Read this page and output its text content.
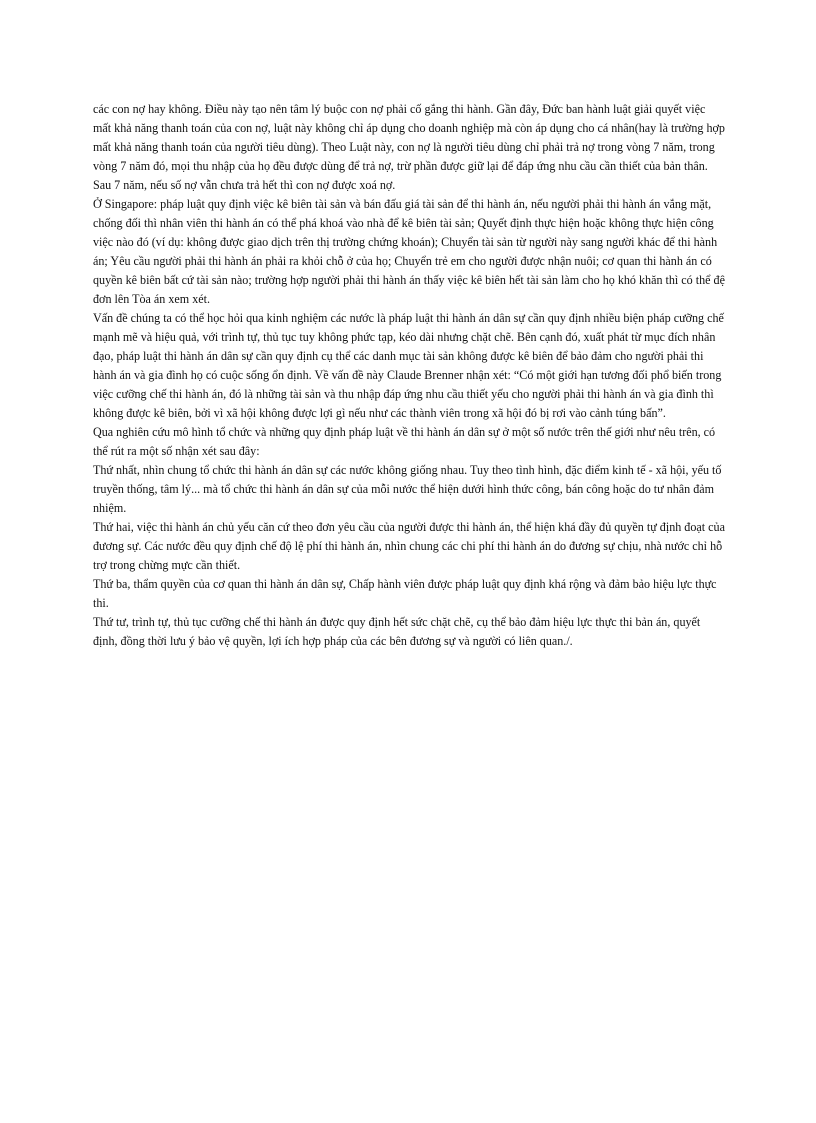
các con nợ hay không. Điều này tạo nên tâm lý buộc con nợ phải cố gắng thi hành. Gần đây, Đức ban hành luật giải quyết việc mất khả năng thanh toán của con nợ, luật này không chỉ áp dụng cho doanh nghiệp mà còn áp dụng cho cá nhân(hay là trường hợp mất khả năng thanh toán của người tiêu dùng). Theo Luật này, con nợ là người tiêu dùng chỉ phải trả nợ trong vòng 7 năm, trong vòng 7 năm đó, mọi thu nhập của họ đều được dùng để trả nợ, trừ phần được giữ lại để đáp ứng nhu cầu cần thiết của bản thân. Sau 7 năm, nếu số nợ vẫn chưa trả hết thì con nợ được xoá nợ.

Ở Singapore: pháp luật quy định việc kê biên tài sản và bán đấu giá tài sản để thi hành án, nếu người phải thi hành án vắng mặt, chống đối thì nhân viên thi hành án có thể phá khoá vào nhà để kê biên tài sản; Quyết định thực hiện hoặc không thực hiện công việc nào đó (ví dụ: không được giao dịch trên thị trường chứng khoán); Chuyển tài sản từ người này sang người khác để thi hành án; Yêu cầu người phải thi hành án phải ra khỏi chỗ ở của họ; Chuyển trẻ em cho người được nhận nuôi; cơ quan thi hành án có quyền kê biên bất cứ tài sản nào; trường hợp người phải thi hành án thấy việc kê biên hết tài sản làm cho họ khó khăn thì có thể đệ đơn lên Tòa án xem xét.

Vấn đề chúng ta có thể học hỏi qua kinh nghiệm các nước là pháp luật thi hành án dân sự cần quy định nhiều biện pháp cưỡng chế mạnh mẽ và hiệu quả, với trình tự, thủ tục tuy không phức tạp, kéo dài nhưng chặt chẽ. Bên cạnh đó, xuất phát từ mục đích nhân đạo, pháp luật thi hành án dân sự cần quy định cụ thể các danh mục tài sản không được kê biên để bảo đảm cho người phải thi hành án và gia đình họ có cuộc sống ổn định. Về vấn đề này Claude Brenner nhận xét: “Có một giới hạn tương đối phổ biến trong việc cưỡng chế thi hành án, đó là những tài sản và thu nhập đáp ứng nhu cầu thiết yếu cho người phải thi hành án và gia đình thì không được kê biên, bởi vì xã hội không được lợi gì nếu như các thành viên trong xã hội đó bị rơi vào cảnh túng bấn”.

Qua nghiên cứu mô hình tổ chức và những quy định pháp luật về thi hành án dân sự ở một số nước trên thế giới như nêu trên, có thể rút ra một số nhận xét sau đây:

Thứ nhất, nhìn chung tổ chức thi hành án dân sự các nước không giống nhau. Tuy theo tình hình, đặc điểm kinh tế - xã hội, yếu tố truyền thống, tâm lý... mà tổ chức thi hành án dân sự của mỗi nước thể hiện dưới hình thức công, bán công hoặc do tư nhân đảm nhiệm.

Thứ hai, việc thi hành án chủ yếu căn cứ theo đơn yêu cầu của người được thi hành án, thể hiện khá đầy đủ quyền tự định đoạt của đương sự. Các nước đều quy định chế độ lệ phí thi hành án, nhìn chung các chi phí thi hành án do đương sự chịu, nhà nước chỉ hỗ trợ trong chừng mực cần thiết.

Thứ ba, thẩm quyền của cơ quan thi hành án dân sự, Chấp hành viên được pháp luật quy định khá rộng và đảm bảo hiệu lực thực thi.

Thứ tư, trình tự, thủ tục cưỡng chế thi hành án được quy định hết sức chặt chẽ, cụ thể bảo đảm hiệu lực thực thi bản án, quyết định, đồng thời lưu ý bảo vệ quyền, lợi ích hợp pháp của các bên đương sự và người có liên quan./.
